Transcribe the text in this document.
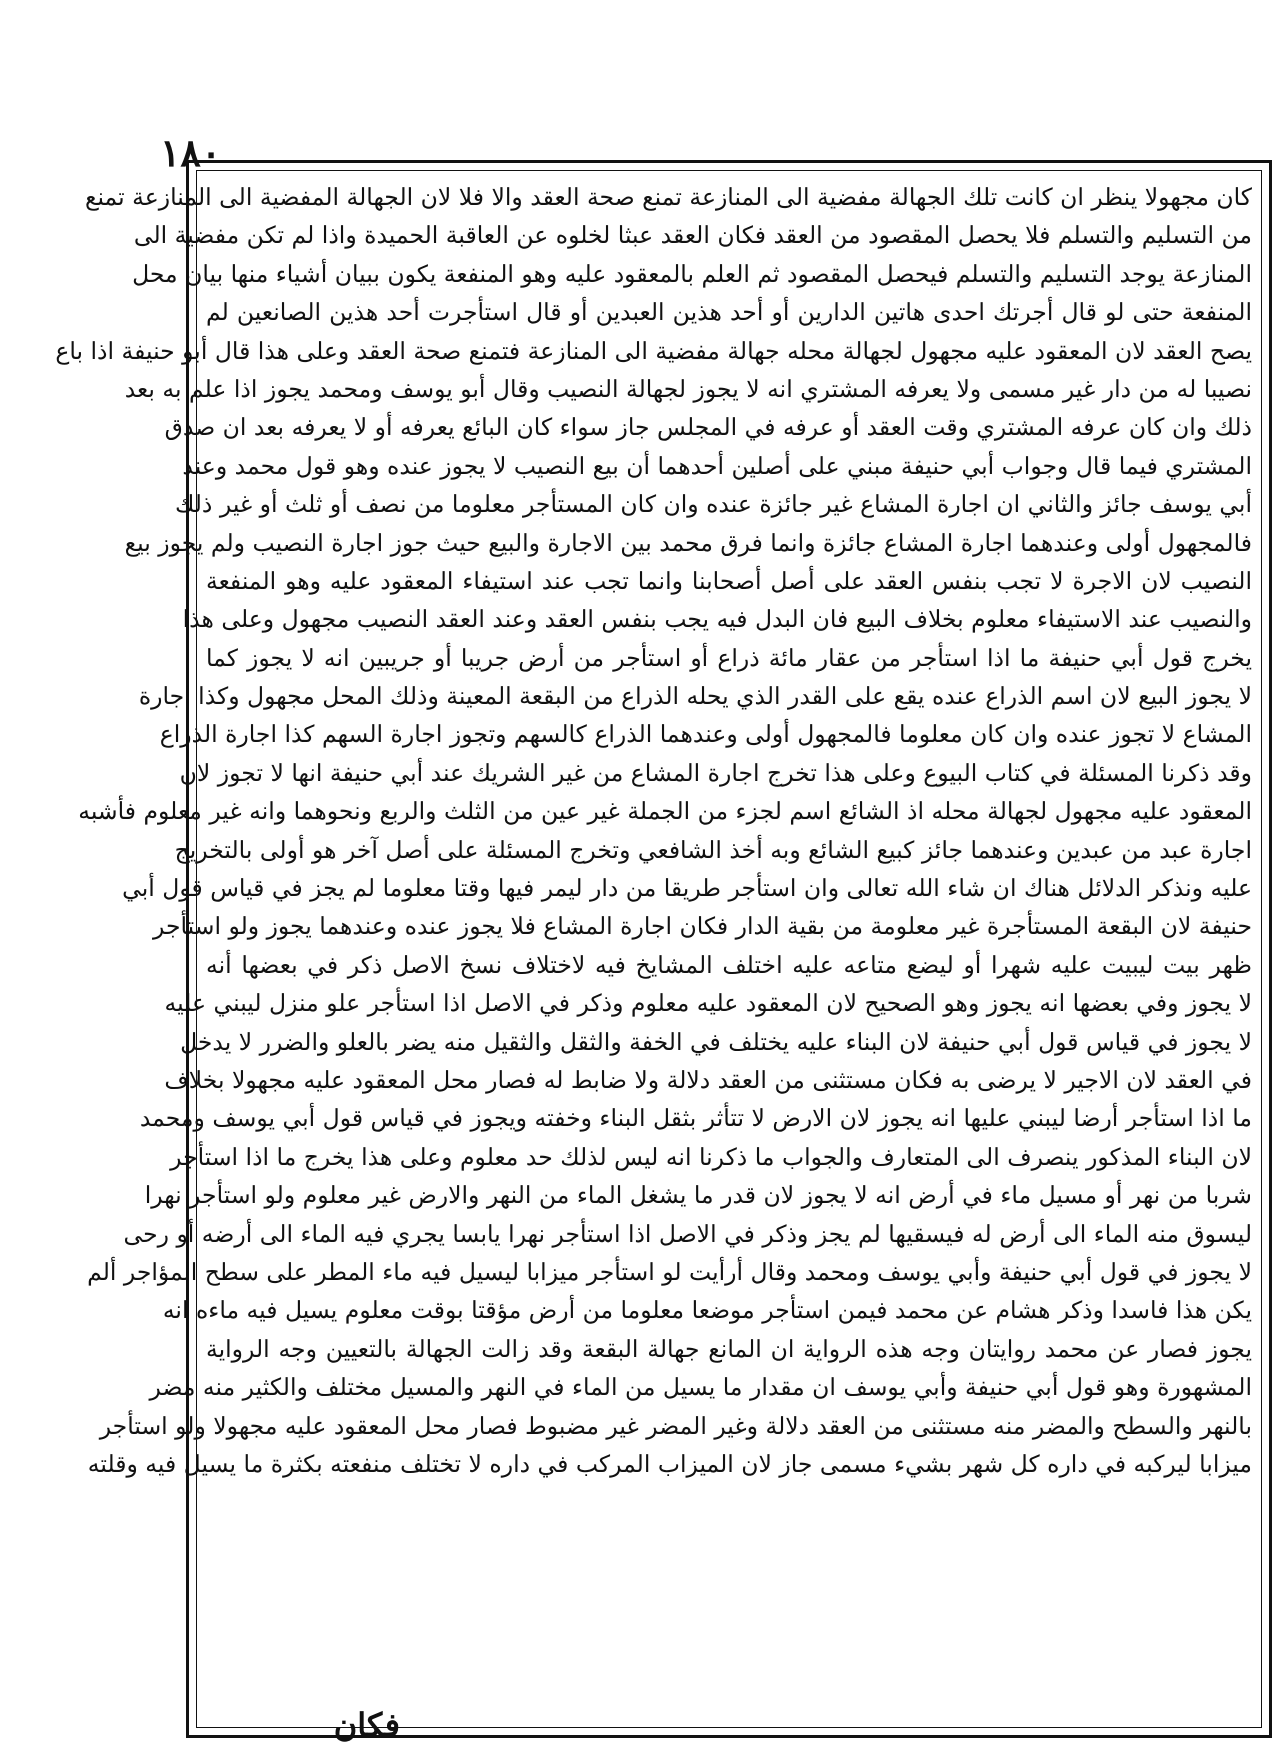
١٨٠
كان مجهولا ينظر ان كانت تلك الجهالة مفضية الى المنازعة تمنع صحة العقد والا فلا لان الجهالة المفضية الى المنازعة تمنع
من التسليم والتسلم فلا يحصل المقصود من العقد فكان العقد عبثا لخلوه عن العاقبة الحميدة واذا لم تكن مفضية الى
المنازعة يوجد التسليم والتسلم فيحصل المقصود ثم العلم بالمعقود عليه وهو المنفعة يكون ببيان أشياء منها بيان محل
المنفعة حتى لو قال أجرتك احدى هاتين الدارين أو أحد هذين العبدين أو قال استأجرت أحد هذين الصانعين لم
يصح العقد لان المعقود عليه مجهول لجهالة محله جهالة مفضية الى المنازعة فتمنع صحة العقد وعلى هذا قال أبو حنيفة اذا باع
نصيبا له من دار غير مسمى ولا يعرفه المشتري انه لا يجوز لجهالة النصيب وقال أبو يوسف ومحمد يجوز اذا علم به بعد
ذلك وان كان عرفه المشتري وقت العقد أو عرفه في المجلس جاز سواء كان البائع يعرفه أو لا يعرفه بعد ان صدق
المشتري فيما قال وجواب أبي حنيفة مبني على أصلين أحدهما أن بيع النصيب لا يجوز عنده وهو قول محمد وعند
أبي يوسف جائز والثاني ان اجارة المشاع غير جائزة عنده وان كان المستأجر معلوما من نصف أو ثلث أو غير ذلك
فالمجهول أولى وعندهما اجارة المشاع جائزة وانما فرق محمد بين الاجارة والبيع حيث جوز اجارة النصيب ولم يجوز بيع
النصيب لان الاجرة لا تجب بنفس العقد على أصل أصحابنا وانما تجب عند استيفاء المعقود عليه وهو المنفعة
والنصيب عند الاستيفاء معلوم بخلاف البيع فان البدل فيه يجب بنفس العقد وعند العقد النصيب مجهول وعلى هذا
يخرج قول أبي حنيفة ما اذا استأجر من عقار مائة ذراع أو استأجر من أرض جريبا أو جريبين انه لا يجوز كما
لا يجوز البيع لان اسم الذراع عنده يقع على القدر الذي يحله الذراع من البقعة المعينة وذلك المحل مجهول وكذا اجارة
المشاع لا تجوز عنده وان كان معلوما فالمجهول أولى وعندهما الذراع كالسهم وتجوز اجارة السهم كذا اجارة الذراع
وقد ذكرنا المسئلة في كتاب البيوع وعلى هذا تخرج اجارة المشاع من غير الشريك عند أبي حنيفة انها لا تجوز لان
المعقود عليه مجهول لجهالة محله اذ الشائع اسم لجزء من الجملة غير عين من الثلث والربع ونحوهما وانه غير معلوم فأشبه
اجارة عبد من عبدين وعندهما جائز كبيع الشائع وبه أخذ الشافعي وتخرج المسئلة على أصل آخر هو أولى بالتخريج
عليه ونذكر الدلائل هناك ان شاء الله تعالى وان استأجر طريقا من دار ليمر فيها وقتا معلوما لم يجز في قياس قول أبي
حنيفة لان البقعة المستأجرة غير معلومة من بقية الدار فكان اجارة المشاع فلا يجوز عنده وعندهما يجوز ولو استأجر
ظهر بيت ليبيت عليه شهرا أو ليضع متاعه عليه اختلف المشايخ فيه لاختلاف نسخ الاصل ذكر في بعضها أنه
لا يجوز وفي بعضها انه يجوز وهو الصحيح لان المعقود عليه معلوم وذكر في الاصل اذا استأجر علو منزل ليبني عليه
لا يجوز في قياس قول أبي حنيفة لان البناء عليه يختلف في الخفة والثقل والثقيل منه يضر بالعلو والضرر لا يدخل
في العقد لان الاجير لا يرضى به فكان مستثنى من العقد دلالة ولا ضابط له فصار محل المعقود عليه مجهولا بخلاف
ما اذا استأجر أرضا ليبني عليها انه يجوز لان الارض لا تتأثر بثقل البناء وخفته ويجوز في قياس قول أبي يوسف ومحمد
لان البناء المذكور ينصرف الى المتعارف والجواب ما ذكرنا انه ليس لذلك حد معلوم وعلى هذا يخرج ما اذا استأجر
شربا من نهر أو مسيل ماء في أرض انه لا يجوز لان قدر ما يشغل الماء من النهر والارض غير معلوم ولو استأجر نهرا
ليسوق منه الماء الى أرض له فيسقيها لم يجز وذكر في الاصل اذا استأجر نهرا يابسا يجري فيه الماء الى أرضه أو رحى
لا يجوز في قول أبي حنيفة وأبي يوسف ومحمد وقال أرأيت لو استأجر ميزابا ليسيل فيه ماء المطر على سطح المؤاجر ألم
يكن هذا فاسدا وذكر هشام عن محمد فيمن استأجر موضعا معلوما من أرض مؤقتا بوقت معلوم يسيل فيه ماءه انه
يجوز فصار عن محمد روايتان وجه هذه الرواية ان المانع جهالة البقعة وقد زالت الجهالة بالتعيين وجه الرواية
المشهورة وهو قول أبي حنيفة وأبي يوسف ان مقدار ما يسيل من الماء في النهر والمسيل مختلف والكثير منه مضر
بالنهر والسطح والمضر منه مستثنى من العقد دلالة وغير المضر غير مضبوط فصار محل المعقود عليه مجهولا ولو استأجر
ميزابا ليركبه في داره كل شهر بشيء مسمى جاز لان الميزاب المركب في داره لا تختلف منفعته بكثرة ما يسيل فيه وقلته
فكان
